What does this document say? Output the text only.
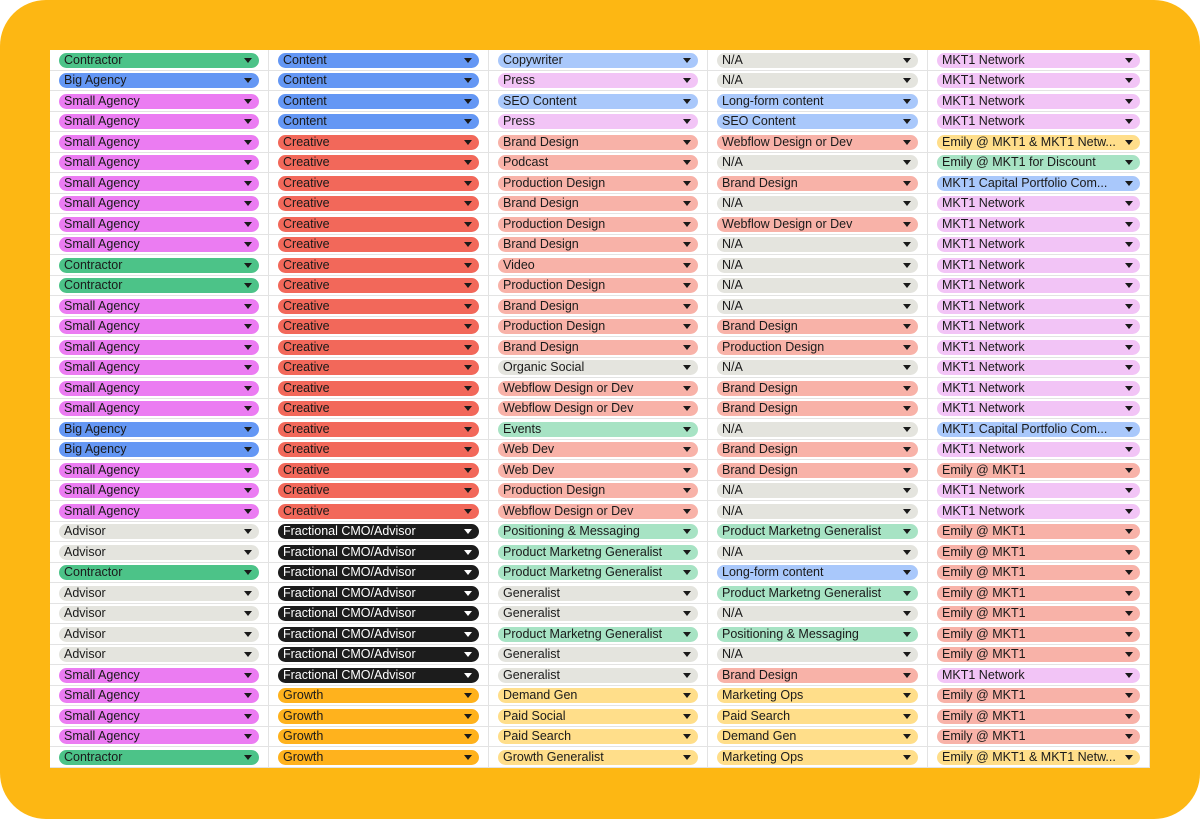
Contractor	Content	Copywriter	N/A	MKT1 Network
Big Agency	Content	Press	N/A	MKT1 Network
Small Agency	Content	SEO Content	Long-form content	MKT1 Network
Small Agency	Content	Press	SEO Content	MKT1 Network
Small Agency	Creative	Brand Design	Webflow Design or Dev	Emily @ MKT1 & MKT1 Netw...
Small Agency	Creative	Podcast	N/A	Emily @ MKT1 for Discount
Small Agency	Creative	Production Design	Brand Design	MKT1 Capital Portfolio Com...
Small Agency	Creative	Brand Design	N/A	MKT1 Network
Small Agency	Creative	Production Design	Webflow Design or Dev	MKT1 Network
Small Agency	Creative	Brand Design	N/A	MKT1 Network
Contractor	Creative	Video	N/A	MKT1 Network
Contractor	Creative	Production Design	N/A	MKT1 Network
Small Agency	Creative	Brand Design	N/A	MKT1 Network
Small Agency	Creative	Production Design	Brand Design	MKT1 Network
Small Agency	Creative	Brand Design	Production Design	MKT1 Network
Small Agency	Creative	Organic Social	N/A	MKT1 Network
Small Agency	Creative	Webflow Design or Dev	Brand Design	MKT1 Network
Small Agency	Creative	Webflow Design or Dev	Brand Design	MKT1 Network
Big Agency	Creative	Events	N/A	MKT1 Capital Portfolio Com...
Big Agency	Creative	Web Dev	Brand Design	MKT1 Network
Small Agency	Creative	Web Dev	Brand Design	Emily @ MKT1
Small Agency	Creative	Production Design	N/A	MKT1 Network
Small Agency	Creative	Webflow Design or Dev	N/A	MKT1 Network
Advisor	Fractional CMO/Advisor	Positioning & Messaging	Product Marketng Generalist	Emily @ MKT1
Advisor	Fractional CMO/Advisor	Product Marketng Generalist	N/A	Emily @ MKT1
Contractor	Fractional CMO/Advisor	Product Marketng Generalist	Long-form content	Emily @ MKT1
Advisor	Fractional CMO/Advisor	Generalist	Product Marketng Generalist	Emily @ MKT1
Advisor	Fractional CMO/Advisor	Generalist	N/A	Emily @ MKT1
Advisor	Fractional CMO/Advisor	Product Marketng Generalist	Positioning & Messaging	Emily @ MKT1
Advisor	Fractional CMO/Advisor	Generalist	N/A	Emily @ MKT1
Small Agency	Fractional CMO/Advisor	Generalist	Brand Design	MKT1 Network
Small Agency	Growth	Demand Gen	Marketing Ops	Emily @ MKT1
Small Agency	Growth	Paid Social	Paid Search	Emily @ MKT1
Small Agency	Growth	Paid Search	Demand Gen	Emily @ MKT1
Contractor	Growth	Growth Generalist	Marketing Ops	Emily @ MKT1 & MKT1 Netw...
